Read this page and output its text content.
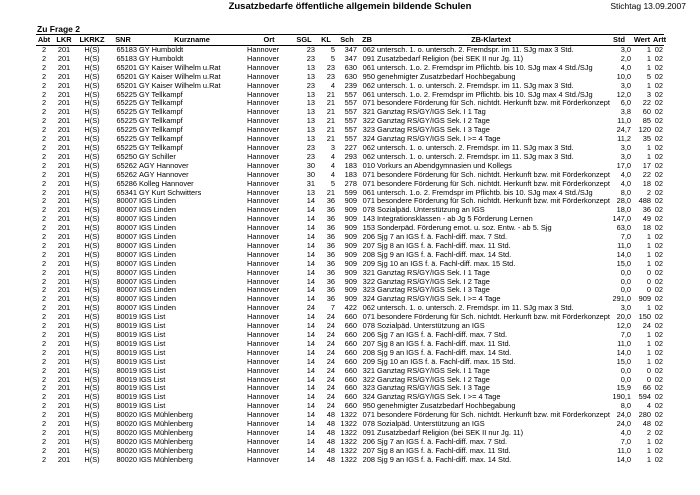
Zusatzbedarfe öffentliche allgemein bildende Schulen	Stichtag 13.09.2007
Zu Frage 2
Abt	LKR	LKRKZ	SNR	Kurzname	Ort	SGL	KL	Sch	ZB	ZB-Klartext	Std	Wert	Artt
2	201	H(S)	65183	GY Humboldt	Hannover	23	5	347	062	untersch. 1. o. untersch. 2. Fremdspr. im 11. SJg max 3 Std.	3,0	1	02
2	201	H(S)	65183	GY Humboldt	Hannover	23	5	347	091	Zusatzbedarf Religion (bei SEK II nur Jg. 11)	2,0	1	02
2	201	H(S)	65201	GY Kaiser Wilhelm u.Rat	Hannover	13	23	630	061	untersch. 1.o. 2. Fremdspr im Pflichtb. bis 10. SJg max 4 Std./SJg	4,0	1	02
2	201	H(S)	65201	GY Kaiser Wilhelm u.Rat	Hannover	13	23	630	950	genehmigter Zusatzbedarf Hochbegabung	10,0	5	02
2	201	H(S)	65201	GY Kaiser Wilhelm u.Rat	Hannover	23	4	239	062	untersch. 1. o. untersch. 2. Fremdspr. im 11. SJg max 3 Std.	3,0	1	02
2	201	H(S)	65225	GY Tellkampf	Hannover	13	21	557	061	untersch. 1.o. 2. Fremdspr im Pflichtb. bis 10. SJg max 4 Std./SJg	12,0	3	02
2	201	H(S)	65225	GY Tellkampf	Hannover	13	21	557	071	besondere Förderung für Sch. nichtdt. Herkunft bzw. mit Förderkonzept	6,0	22	02
2	201	H(S)	65225	GY Tellkampf	Hannover	13	21	557	321	Ganztag RS/GY/IGS Sek. I 1 Tag	3,8	60	02
2	201	H(S)	65225	GY Tellkampf	Hannover	13	21	557	322	Ganztag RS/GY/IGS Sek. I 2 Tage	11,0	85	02
2	201	H(S)	65225	GY Tellkampf	Hannover	13	21	557	323	Ganztag RS/GY/IGS Sek. I 3 Tage	24,7	120	02
2	201	H(S)	65225	GY Tellkampf	Hannover	13	21	557	324	Ganztag RS/GY/IGS Sek. I >= 4 Tage	11,2	35	02
2	201	H(S)	65225	GY Tellkampf	Hannover	23	3	227	062	untersch. 1. o. untersch. 2. Fremdspr. im 11. SJg max 3 Std.	3,0	1	02
2	201	H(S)	65250	GY Schiller	Hannover	23	4	293	062	untersch. 1. o. untersch. 2. Fremdspr. im 11. SJg max 3 Std.	3,0	1	02
2	201	H(S)	65262	AGY Hannover	Hannover	30	4	183	010	Vorkurs an Abendgymnasien und Kollegs	17,0	17	02
2	201	H(S)	65262	AGY Hannover	Hannover	30	4	183	071	besondere Förderung für Sch. nichtdt. Herkunft bzw. mit Förderkonzept	4,0	22	02
2	201	H(S)	65286	Kolleg Hannover	Hannover	31	5	278	071	besondere Förderung für Sch. nichtdt. Herkunft bzw. mit Förderkonzept	4,0	18	02
2	201	H(S)	65341	GY Kurt Schwitters	Hannover	13	21	599	061	untersch. 1.o. 2. Fremdspr im Pflichtb. bis 10. SJg max 4 Std./SJg	8,0	2	02
2	201	H(S)	80007	IGS Linden	Hannover	14	36	909	071	besondere Förderung für Sch. nichtdt. Herkunft bzw. mit Förderkonzept	28,0	488	02
2	201	H(S)	80007	IGS Linden	Hannover	14	36	909	078	Sozialpäd. Unterstützung an IGS	18,0	36	02
2	201	H(S)	80007	IGS Linden	Hannover	14	36	909	143	Integrationsklassen - ab Jg 5 Förderung Lernen	147,0	49	02
2	201	H(S)	80007	IGS Linden	Hannover	14	36	909	153	Sonderpäd. Förderung emot. u. soz. Entw. - ab 5. Sjg	63,0	18	02
2	201	H(S)	80007	IGS Linden	Hannover	14	36	909	206	Sjg 7 an IGS f. ä. Fachl-diff. max. 7 Std.	7,0	1	02
2	201	H(S)	80007	IGS Linden	Hannover	14	36	909	207	Sjg 8 an IGS f. ä. Fachl-diff. max. 11 Std.	11,0	1	02
2	201	H(S)	80007	IGS Linden	Hannover	14	36	909	208	Sjg 9 an IGS f. ä. Fachl-diff. max. 14 Std.	14,0	1	02
2	201	H(S)	80007	IGS Linden	Hannover	14	36	909	209	Sjg 10 an IGS f. ä. Fachl-diff. max. 15 Std.	15,0	1	02
2	201	H(S)	80007	IGS Linden	Hannover	14	36	909	321	Ganztag RS/GY/IGS Sek. I 1 Tage	0,0	0	02
2	201	H(S)	80007	IGS Linden	Hannover	14	36	909	322	Ganztag RS/GY/IGS Sek. I 2 Tage	0,0	0	02
2	201	H(S)	80007	IGS Linden	Hannover	14	36	909	323	Ganztag RS/GY/IGS Sek. I 3 Tage	0,0	0	02
2	201	H(S)	80007	IGS Linden	Hannover	14	36	909	324	Ganztag RS/GY/IGS Sek. I >= 4 Tage	291,0	909	02
2	201	H(S)	80007	IGS Linden	Hannover	24	7	422	062	untersch. 1. o. untersch. 2. Fremdspr. im 11. SJg max 3 Std.	3,0	1	02
2	201	H(S)	80019	IGS List	Hannover	14	24	660	071	besondere Förderung für Sch. nichtdt. Herkunft bzw. mit Förderkonzept	20,0	150	02
2	201	H(S)	80019	IGS List	Hannover	14	24	660	078	Sozialpäd. Unterstützung an IGS	12,0	24	02
2	201	H(S)	80019	IGS List	Hannover	14	24	660	206	Sjg 7 an IGS f. ä. Fachl-diff. max. 7 Std.	7,0	1	02
2	201	H(S)	80019	IGS List	Hannover	14	24	660	207	Sjg 8 an IGS f. ä. Fachl-diff. max. 11 Std.	11,0	1	02
2	201	H(S)	80019	IGS List	Hannover	14	24	660	208	Sjg 9 an IGS f. ä. Fachl-diff. max. 14 Std.	14,0	1	02
2	201	H(S)	80019	IGS List	Hannover	14	24	660	209	Sjg 10 an IGS f. ä. Fachl-diff. max. 15 Std.	15,0	1	02
2	201	H(S)	80019	IGS List	Hannover	14	24	660	321	Ganztag RS/GY/IGS Sek. I 1 Tage	0,0	0	02
2	201	H(S)	80019	IGS List	Hannover	14	24	660	322	Ganztag RS/GY/IGS Sek. I 2 Tage	0,0	0	02
2	201	H(S)	80019	IGS List	Hannover	14	24	660	323	Ganztag RS/GY/IGS Sek. I 3 Tage	15,9	66	02
2	201	H(S)	80019	IGS List	Hannover	14	24	660	324	Ganztag RS/GY/IGS Sek. I >= 4 Tage	190,1	594	02
2	201	H(S)	80019	IGS List	Hannover	14	24	660	950	genehmigter Zusatzbedarf Hochbegabung	8,0	4	02
2	201	H(S)	80020	IGS Mühlenberg	Hannover	14	48	1322	071	besondere Förderung für Sch. nichtdt. Herkunft bzw. mit Förderkonzept	24,0	280	02
2	201	H(S)	80020	IGS Mühlenberg	Hannover	14	48	1322	078	Sozialpäd. Unterstützung an IGS	24,0	48	02
2	201	H(S)	80020	IGS Mühlenberg	Hannover	14	48	1322	091	Zusatzbedarf Religion (bei SEK II nur Jg. 11)	4,0	2	02
2	201	H(S)	80020	IGS Mühlenberg	Hannover	14	48	1322	206	Sjg 7 an IGS f. ä. Fachl-diff. max. 7 Std.	7,0	1	02
2	201	H(S)	80020	IGS Mühlenberg	Hannover	14	48	1322	207	Sjg 8 an IGS f. ä. Fachl-diff. max. 11 Std.	11,0	1	02
2	201	H(S)	80020	IGS Mühlenberg	Hannover	14	48	1322	208	Sjg 9 an IGS f. ä. Fachl-diff. max. 14 Std.	14,0	1	02
